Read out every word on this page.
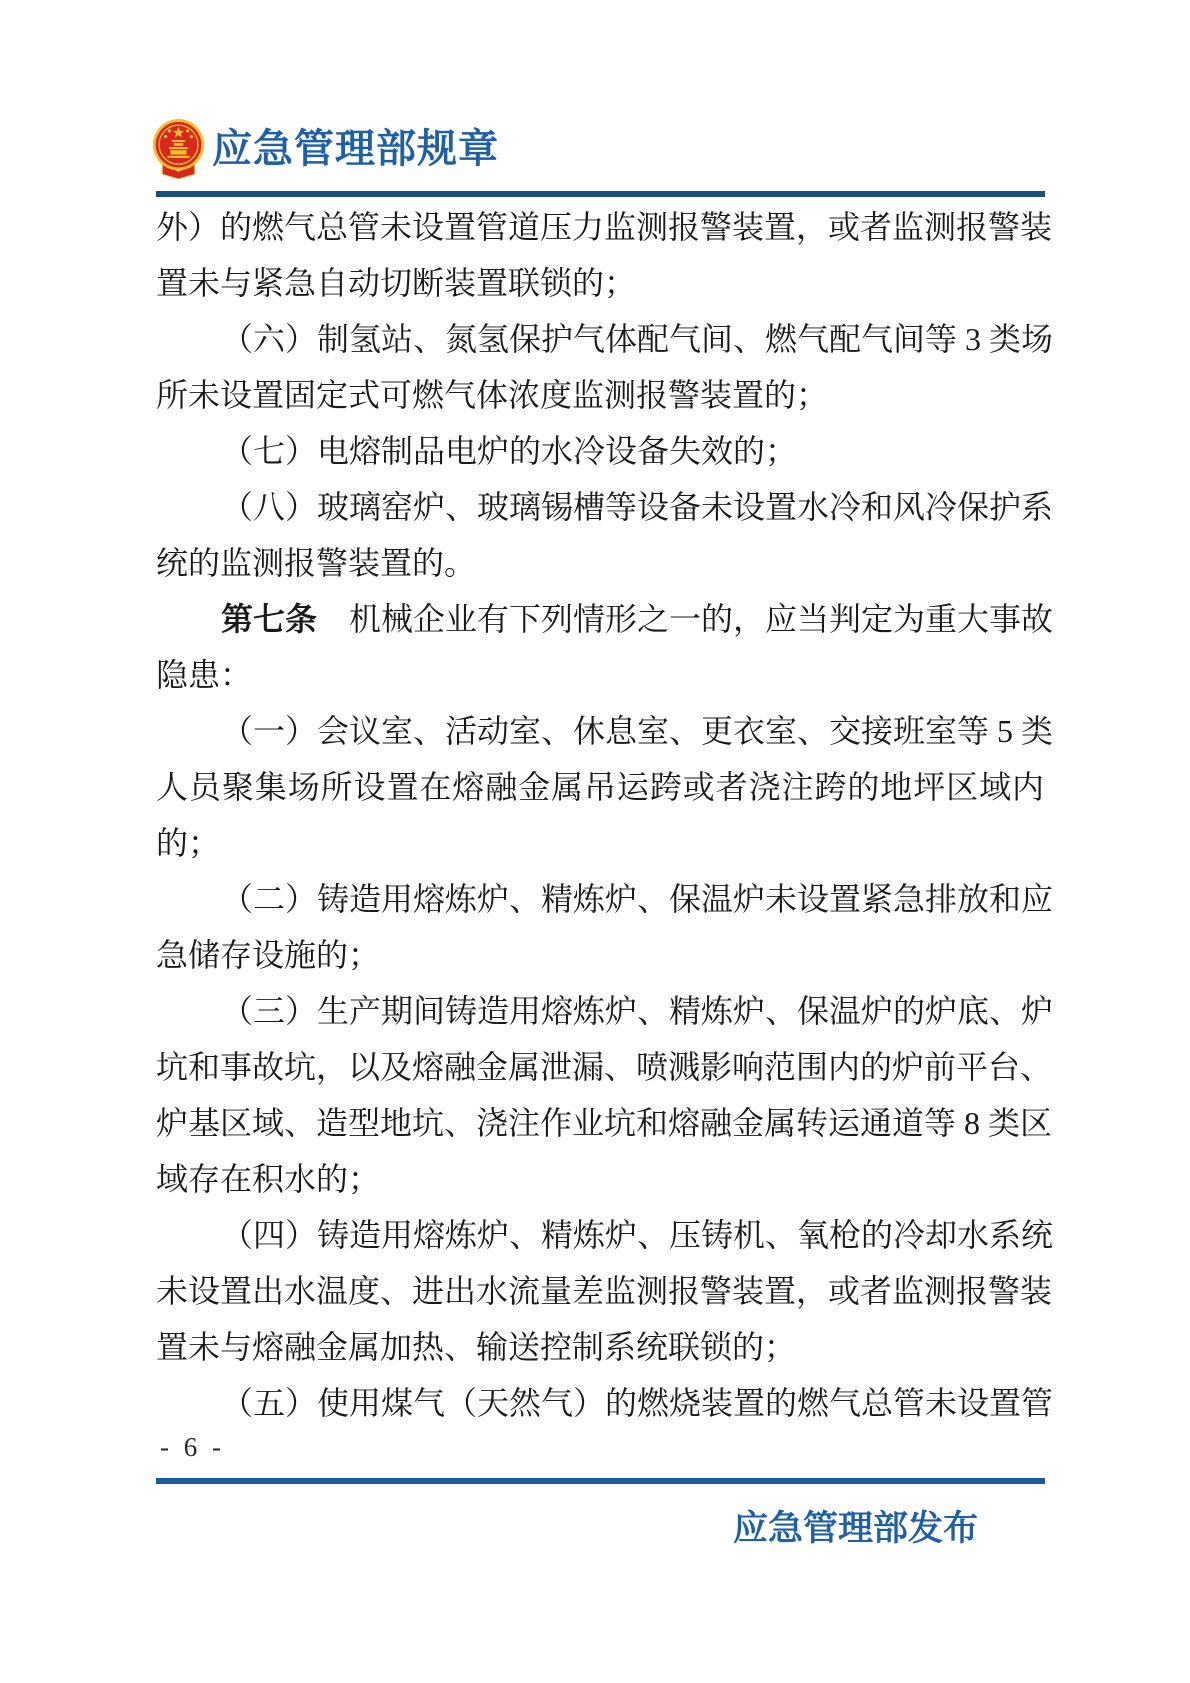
应急管理部规章
外）的燃气总管未设置管道压力监测报警装置，或者监测报警装
置未与紧急自动切断装置联锁的；
（六）制氢站、氮氢保护气体配气间、燃气配气间等 3 类场
所未设置固定式可燃气体浓度监测报警装置的；
（七）电熔制品电炉的水冷设备失效的；
（八）玻璃窑炉、玻璃锡槽等设备未设置水冷和风冷保护系
统的监测报警装置的。
第七条　机械企业有下列情形之一的，应当判定为重大事故
隐患：
（一）会议室、活动室、休息室、更衣室、交接班室等 5 类
人员聚集场所设置在熔融金属吊运跨或者浇注跨的地坪区域内
的；
（二）铸造用熔炼炉、精炼炉、保温炉未设置紧急排放和应
急储存设施的；
（三）生产期间铸造用熔炼炉、精炼炉、保温炉的炉底、炉
坑和事故坑，以及熔融金属泄漏、喷溅影响范围内的炉前平台、
炉基区域、造型地坑、浇注作业坑和熔融金属转运通道等 8 类区
域存在积水的；
（四）铸造用熔炼炉、精炼炉、压铸机、氧枪的冷却水系统
未设置出水温度、进出水流量差监测报警装置，或者监测报警装
置未与熔融金属加热、输送控制系统联锁的；
（五）使用煤气（天然气）的燃烧装置的燃气总管未设置管
- 6 -
应急管理部发布
